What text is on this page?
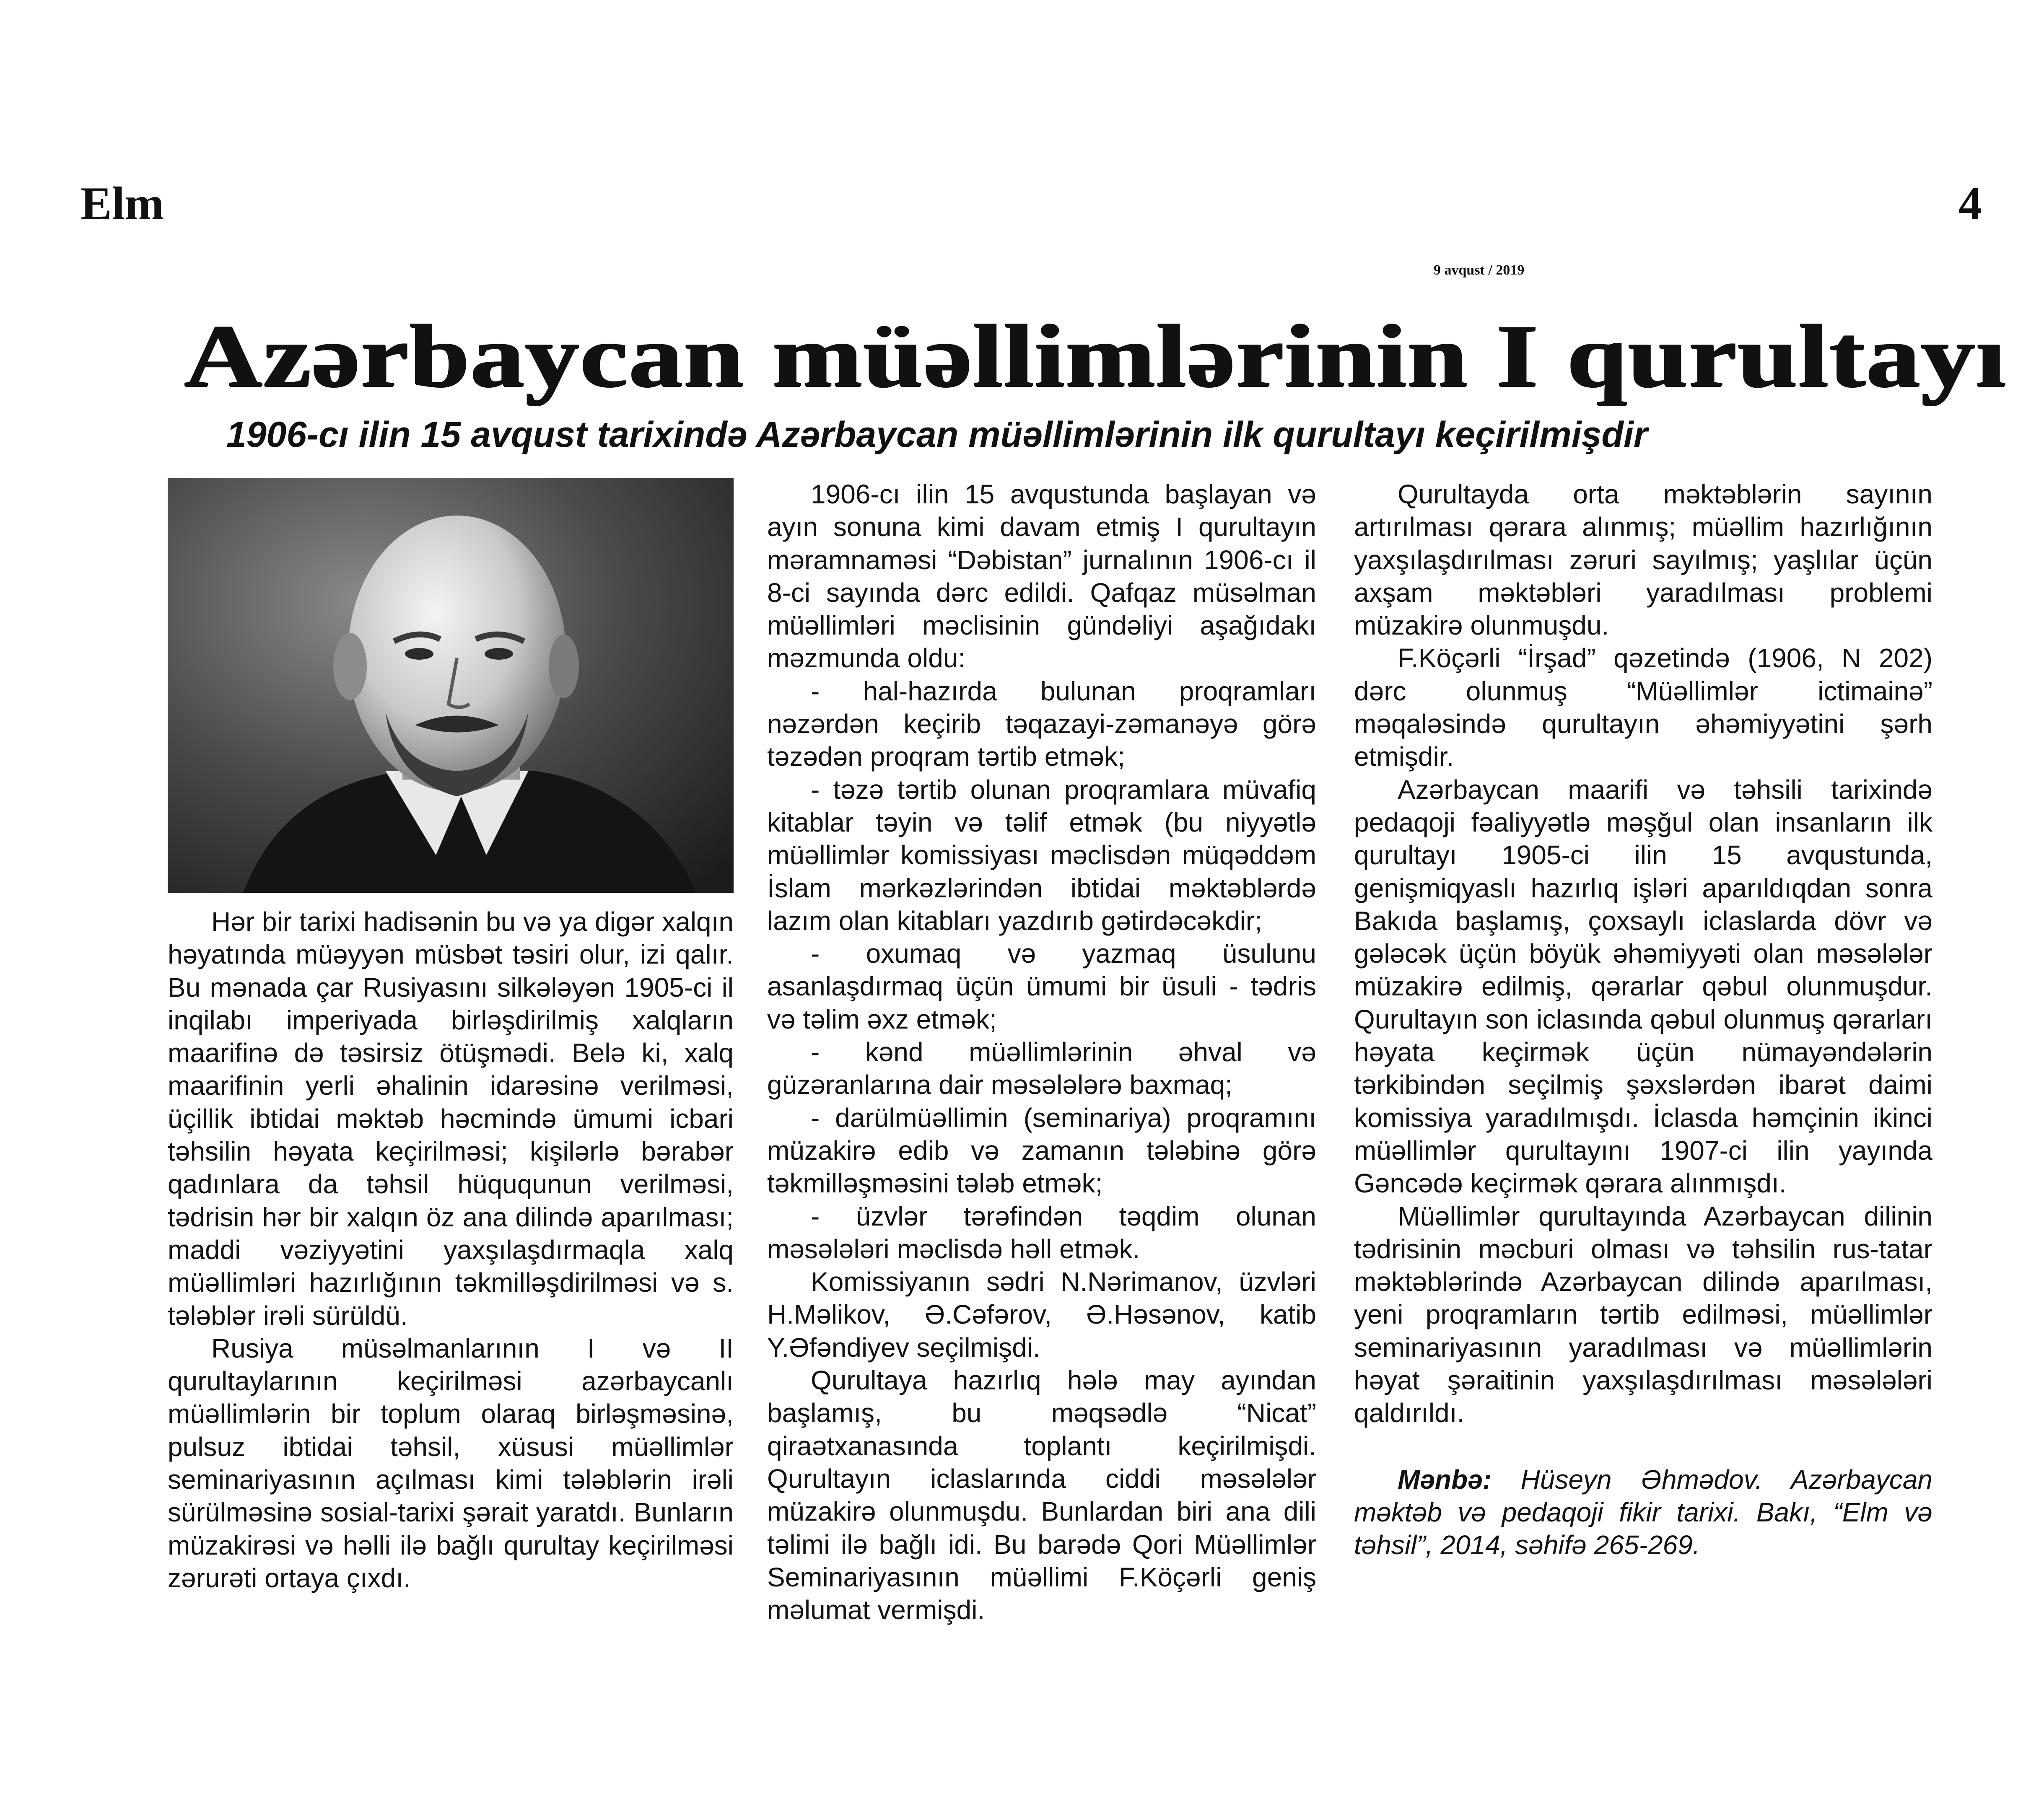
Elm	4
9 avqust / 2019
Azərbaycan müəllimlərinin I qurultayı
1906-cı ilin 15 avqust tarixində Azərbaycan müəllimlərinin ilk qurultayı keçirilmişdir

Hər bir tarixi hadisənin bu və ya digər xalqın həyatında müəyyən müsbət təsiri olur, izi qalır. Bu mənada çar Rusiyasını silkələyən 1905-ci il inqilabı imperiyada birləşdirilmiş xalqların maarifinə də təsirsiz ötüşmədi. Belə ki, xalq maarifinin yerli əhalinin idarəsinə verilməsi, üçillik ibtidai məktəb həcmində ümumi icbari təhsilin həyata keçirilməsi; kişilərlə bərabər qadınlara da təhsil hüququnun verilməsi, tədrisin hər bir xalqın öz ana dilində aparılması; maddi vəziyyətini yaxşılaşdırmaqla xalq müəllimləri hazırlığının təkmilləşdirilməsi və s. tələblər irəli sürüldü.

Rusiya müsəlmanlarının I və II qurultaylarının keçirilməsi azərbaycanlı müəllimlərin bir toplum olaraq birləşməsinə, pulsuz ibtidai təhsil, xüsusi müəllimlər seminariyasının açılması kimi tələblərin irəli sürülməsinə sosial-tarixi şərait yaratdı. Bunların müzakirəsi və həlli ilə bağlı qurultay keçirilməsi zərurəti ortaya çıxdı.

1906-cı ilin 15 avqustunda başlayan və ayın sonuna kimi davam etmiş I qurultayın məramnaməsi “Dəbistan” jurnalının 1906-cı il 8-ci sayında dərc edildi. Qafqaz müsəlman müəllimləri məclisinin gündəliyi aşağıdakı məzmunda oldu:

- hal-hazırda bulunan proqramları nəzərdən keçirib təqazayi-zəmanəyə görə təzədən proqram tərtib etmək;

- təzə tərtib olunan proqramlara müvafiq kitablar təyin və təlif etmək (bu niyyətlə müəllimlər komissiyası məclisdən müqəddəm İslam mərkəzlərindən ibtidai məktəblərdə lazım olan kitabları yazdırıb gətirdəcəkdir;

- oxumaq və yazmaq üsulunu asanlaşdırmaq üçün ümumi bir üsuli - tədris və təlim əxz etmək;

- kənd müəllimlərinin əhval və güzəranlarına dair məsələlərə baxmaq;

- darülmüəllimin (seminariya) proqramını müzakirə edib və zamanın tələbinə görə təkmilləşməsini tələb etmək;

- üzvlər tərəfindən təqdim olunan məsələləri məclisdə həll etmək.

Komissiyanın sədri N.Nərimanov, üzvləri H.Məlikov, Ə.Cəfərov, Ə.Həsənov, katib Y.Əfəndiyev seçilmişdi.

Qurultaya hazırlıq hələ may ayından başlamış, bu məqsədlə “Nicat” qiraətxanasında toplantı keçirilmişdi. Qurultayın iclaslarında ciddi məsələlər müzakirə olunmuşdu. Bunlardan biri ana dili təlimi ilə bağlı idi. Bu barədə Qori Müəllimlər Seminariyasının müəllimi F.Köçərli geniş məlumat vermişdi.

Qurultayda orta məktəblərin sayının artırılması qərara alınmış; müəllim hazırlığının yaxşılaşdırılması zəruri sayılmış; yaşlılar üçün axşam məktəbləri yaradılması problemi müzakirə olunmuşdu.

F.Köçərli “İrşad” qəzetində (1906, N 202) dərc olunmuş “Müəllimlər ictimainə” məqaləsində qurultayın əhəmiyyətini şərh etmişdir.

Azərbaycan maarifi və təhsili tarixində pedaqoji fəaliyyətlə məşğul olan insanların ilk qurultayı 1905-ci ilin 15 avqustunda, genişmiqyaslı hazırlıq işləri aparıldıqdan sonra Bakıda başlamış, çoxsaylı iclaslarda dövr və gələcək üçün böyük əhəmiyyəti olan məsələlər müzakirə edilmiş, qərarlar qəbul olunmuşdur. Qurultayın son iclasında qəbul olunmuş qərarları həyata keçirmək üçün nümayəndələrin tərkibindən seçilmiş şəxslərdən ibarət daimi komissiya yaradılmışdı. İclasda həmçinin ikinci müəllimlər qurultayını 1907-ci ilin yayında Gəncədə keçirmək qərara alınmışdı.

Müəllimlər qurultayında Azərbaycan dilinin tədrisinin məcburi olması və təhsilin rus-tatar məktəblərində Azərbaycan dilində aparılması, yeni proqramların tərtib edilməsi, müəllimlər seminariyasının yaradılması və müəllimlərin həyat şəraitinin yaxşılaşdırılması məsələləri qaldırıldı.

Mənbə: Hüseyn Əhmədov. Azərbaycan məktəb və pedaqoji fikir tarixi. Bakı, “Elm və təhsil”, 2014, səhifə 265-269.
